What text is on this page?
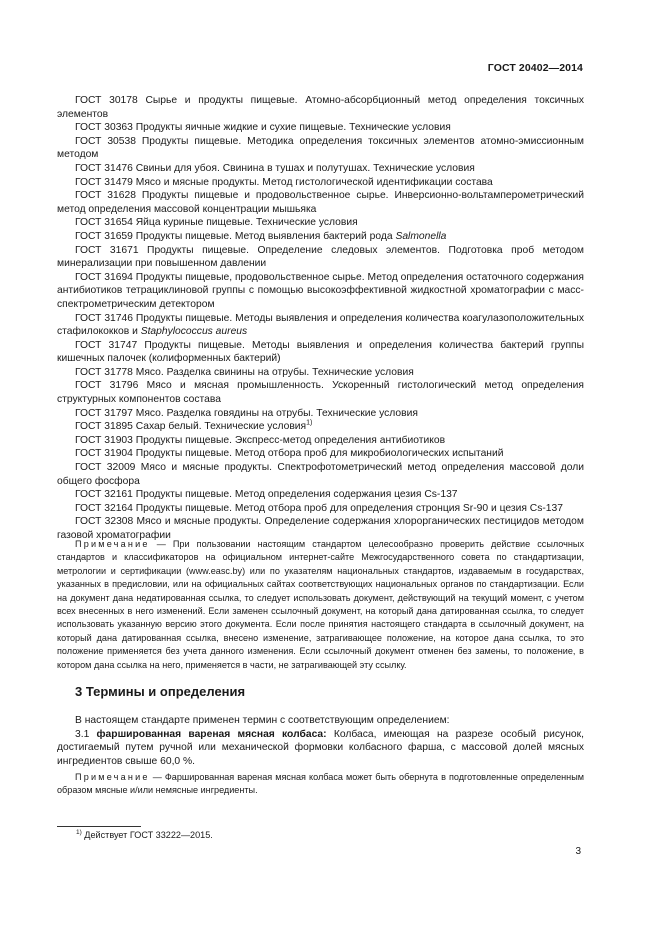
ГОСТ 20402—2014

ГОСТ 30178 Сырье и продукты пищевые. Атомно-абсорбционный метод определения токсичных элементов

ГОСТ 30363 Продукты яичные жидкие и сухие пищевые. Технические условия

ГОСТ 30538 Продукты пищевые. Методика определения токсичных элементов атомно-эмиссионным методом

ГОСТ 31476 Свиньи для убоя. Свинина в тушах и полутушах. Технические условия

ГОСТ 31479 Мясо и мясные продукты. Метод гистологической идентификации состава

ГОСТ 31628 Продукты пищевые и продовольственное сырье. Инверсионно-вольтамперометрический метод определения массовой концентрации мышьяка

ГОСТ 31654 Яйца куриные пищевые. Технические условия

ГОСТ 31659 Продукты пищевые. Метод выявления бактерий рода Salmonella

ГОСТ 31671 Продукты пищевые. Определение следовых элементов. Подготовка проб методом минерализации при повышенном давлении

ГОСТ 31694 Продукты пищевые, продовольственное сырье. Метод определения остаточного содержания антибиотиков тетрациклиновой группы с помощью высокоэффективной жидкостной хроматографии с масс-спектрометрическим детектором

ГОСТ 31746 Продукты пищевые. Методы выявления и определения количества коагулазоположительных стафилококков и Staphylococcus aureus

ГОСТ 31747 Продукты пищевые. Методы выявления и определения количества бактерий группы кишечных палочек (колиформенных бактерий)

ГОСТ 31778 Мясо. Разделка свинины на отрубы. Технические условия

ГОСТ 31796 Мясо и мясная промышленность. Ускоренный гистологический метод определения структурных компонентов состава

ГОСТ 31797 Мясо. Разделка говядины на отрубы. Технические условия

ГОСТ 31895 Сахар белый. Технические условия$^{1)}$

ГОСТ 31903 Продукты пищевые. Экспресс-метод определения антибиотиков

ГОСТ 31904 Продукты пищевые. Метод отбора проб для микробиологических испытаний

ГОСТ 32009 Мясо и мясные продукты. Спектрофотометрический метод определения массовой доли общего фосфора

ГОСТ 32161 Продукты пищевые. Метод определения содержания цезия Cs-137

ГОСТ 32164 Продукты пищевые. Метод отбора проб для определения стронция Sr-90 и цезия Cs-137

ГОСТ 32308 Мясо и мясные продукты. Определение содержания хлорорганических пестицидов методом газовой хроматографии

Примечание — При пользовании настоящим стандартом целесообразно проверить действие ссылочных стандартов и классификаторов на официальном интернет-сайте Межгосударственного совета по стандартизации, метрологии и сертификации (www.easc.by) или по указателям национальных стандартов, издаваемым в государствах, указанных в предисловии, или на официальных сайтах соответствующих национальных органов по стандартизации. Если на документ дана недатированная ссылка, то следует использовать документ, действующий на текущий момент, с учетом всех внесенных в него изменений. Если заменен ссылочный документ, на который дана датированная ссылка, то следует использовать указанную версию этого документа. Если после принятия настоящего стандарта в ссылочный документ, на который дана датированная ссылка, внесено изменение, затрагивающее положение, на которое дана ссылка, то это положение применяется без учета данного изменения. Если ссылочный документ отменен без замены, то положение, в котором дана ссылка на него, применяется в части, не затрагивающей эту ссылку.

3 Термины и определения

В настоящем стандарте применен термин с соответствующим определением:

3.1 фаршированная вареная мясная колбаса: Колбаса, имеющая на разрезе особый рисунок, достигаемый путем ручной или механической формовки колбасного фарша, с массовой долей мясных ингредиентов свыше 60,0 %.

Примечание — Фаршированная вареная мясная колбаса может быть обернута в подготовленные определенным образом мясные и/или немясные ингредиенты.

$^{1)}$ Действует ГОСТ 33222—2015.
3
